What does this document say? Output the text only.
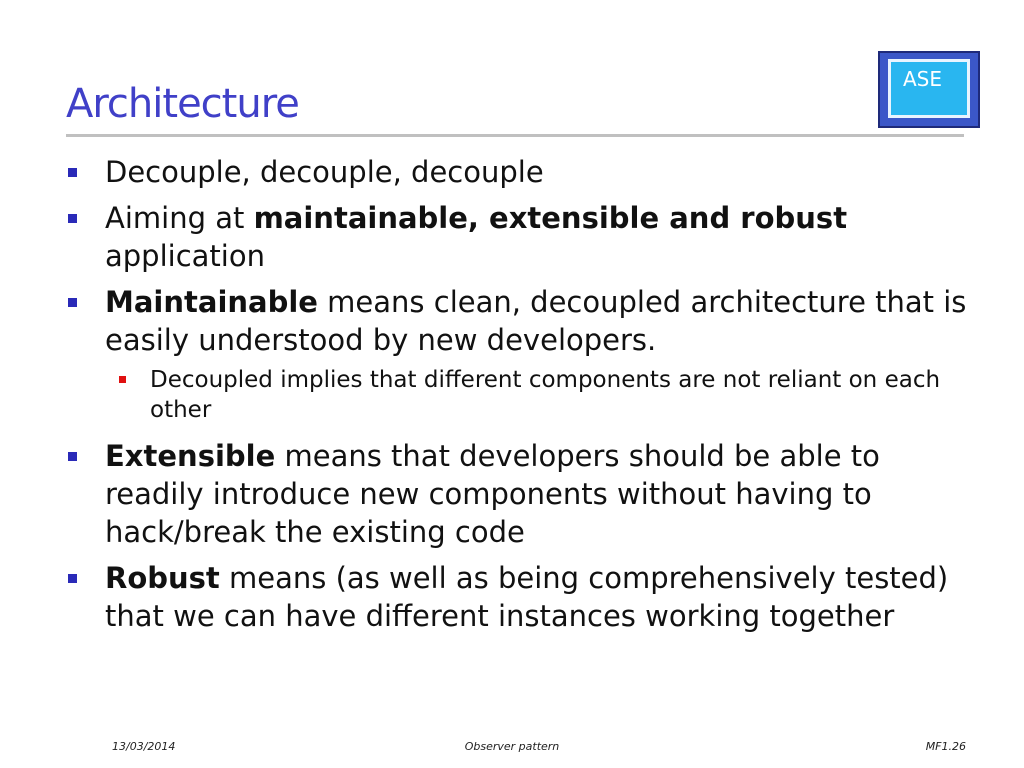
Architecture
ASE
Decouple, decouple, decouple
Aiming at maintainable, extensible and robust application
Maintainable means clean, decoupled architecture that is easily understood by new developers.
Decoupled implies that different components are not reliant on each other
Extensible means that developers should be able to readily introduce new components without having to hack/break the existing code
Robust means (as well as being comprehensively tested) that we can have different instances working together
13/03/2014	Observer pattern	MF1.26
